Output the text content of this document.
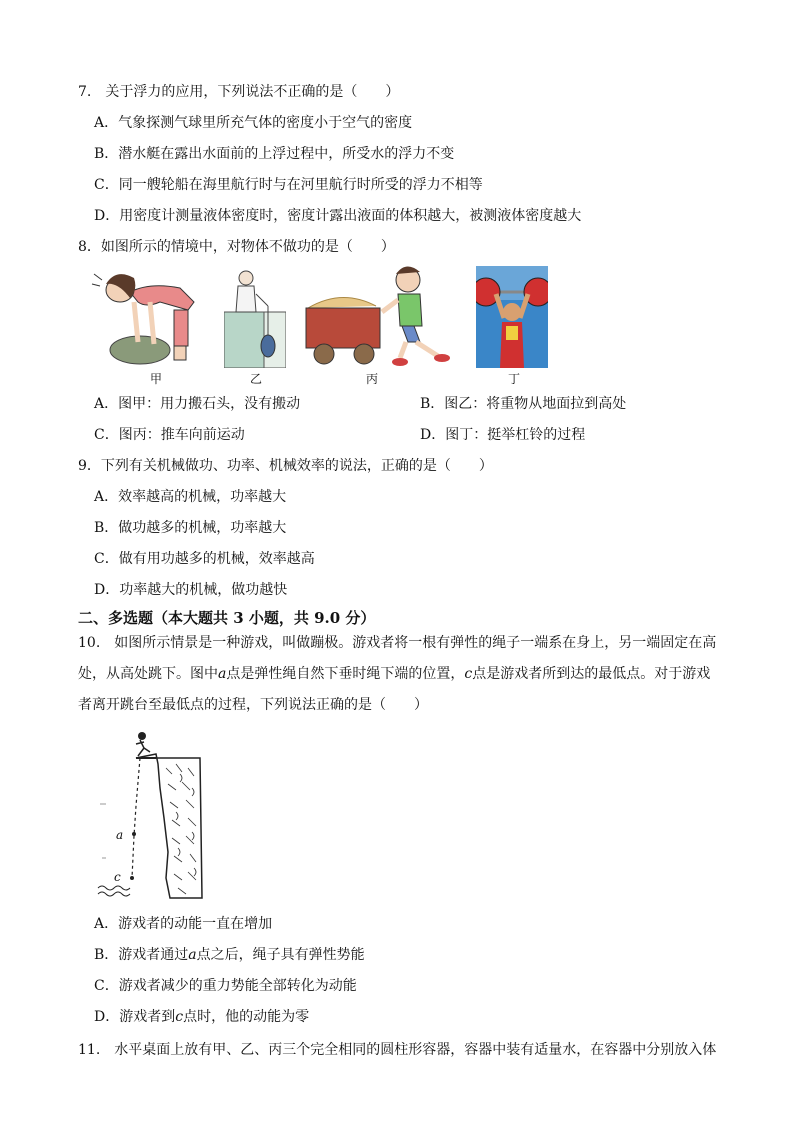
7.　关于浮力的应用，下列说法不正确的是（　　）
A．气象探测气球里所充气体的密度小于空气的密度
B．潜水艇在露出水面前的上浮过程中，所受水的浮力不变
C．同一艘轮船在海里航行时与在河里航行时所受的浮力不相等
D．用密度计测量液体密度时，密度计露出液面的体积越大，被测液体密度越大
8．如图所示的情境中，对物体不做功的是（　　）
甲	乙	丙	丁
A．图甲：用力搬石头，没有搬动	B．图乙：将重物从地面拉到高处
C．图丙：推车向前运动	D．图丁：挺举杠铃的过程
9．下列有关机械做功、功率、机械效率的说法，正确的是（　　）
A．效率越高的机械，功率越大
B．做功越多的机械，功率越大
C．做有用功越多的机械，效率越高
D．功率越大的机械，做功越快
二、多选题（本大题共 3 小题，共 9.0 分）
10.　如图所示情景是一种游戏，叫做蹦极。游戏者将一根有弹性的绳子一端系在身上，另一端固定在高
处，从高处跳下。图中a点是弹性绳自然下垂时绳下端的位置，c点是游戏者所到达的最低点。对于游戏
者离开跳台至最低点的过程，下列说法正确的是（　　）
a
c
A．游戏者的动能一直在增加
B．游戏者通过a点之后，绳子具有弹性势能
C．游戏者减少的重力势能全部转化为动能
D．游戏者到c点时，他的动能为零
11.　水平桌面上放有甲、乙、丙三个完全相同的圆柱形容器，容器中装有适量水，在容器中分别放入体
